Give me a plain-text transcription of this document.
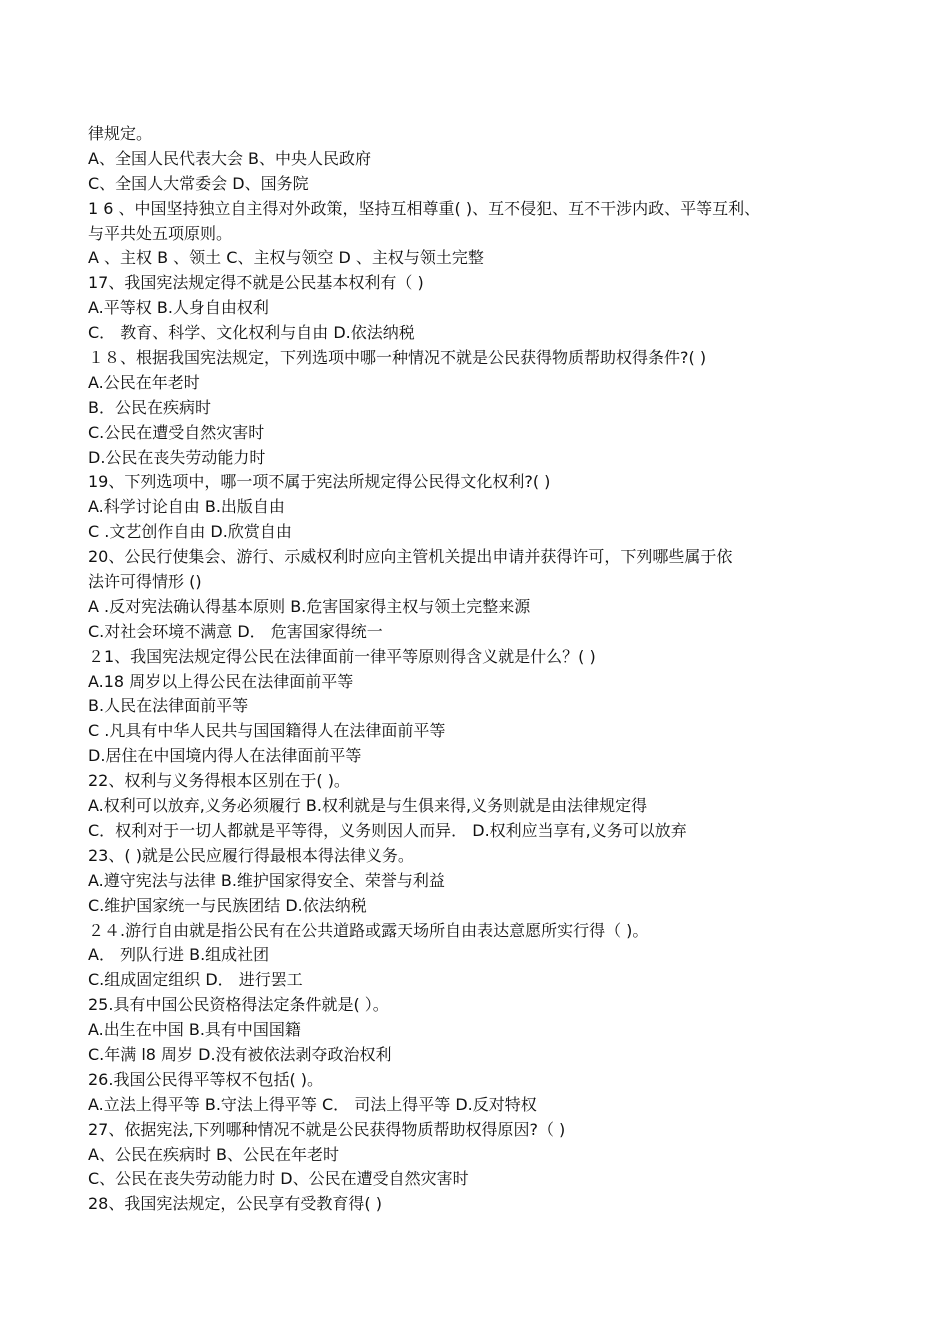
律规定。
A、全国人民代表大会 B、中央人民政府
C、全国人大常委会 D、国务院
1 6 、中国坚持独立自主得对外政策，坚持互相尊重( )、互不侵犯、互不干涉内政、平等互利、
与平共处五项原则。
A 、主权 B 、领土 C、主权与领空 D 、主权与领土完整
17、我国宪法规定得不就是公民基本权利有（ )
A.平等权 B.人身自由权利
C． 教育、科学、文化权利与自由 D.依法纳税
１８、根据我国宪法规定，下列选项中哪一种情况不就是公民获得物质帮助权得条件?( )
A.公民在年老时
B．公民在疾病时
C.公民在遭受自然灾害时
D.公民在丧失劳动能力时
19、下列选项中，哪一项不属于宪法所规定得公民得文化权利?( )
A.科学讨论自由 B.出版自由
C .文艺创作自由 D.欣赏自由
20、公民行使集会、游行、示威权利时应向主管机关提出申请并获得许可，下列哪些属于依
法许可得情形 ()
A .反对宪法确认得基本原则 B.危害国家得主权与领土完整来源
C.对社会环境不满意 D． 危害国家得统一
２1、我国宪法规定得公民在法律面前一律平等原则得含义就是什么？( )
A.18 周岁以上得公民在法律面前平等
B.人民在法律面前平等
C .凡具有中华人民共与国国籍得人在法律面前平等
D.居住在中国境内得人在法律面前平等
22、权利与义务得根本区别在于( )。
A.权利可以放弃,义务必须履行 B.权利就是与生俱来得,义务则就是由法律规定得
C．权利对于一切人都就是平等得，义务则因人而异． D.权利应当享有,义务可以放弃
23、( )就是公民应履行得最根本得法律义务。
A.遵守宪法与法律 B.维护国家得安全、荣誉与利益
C.维护国家统一与民族团结 D.依法纳税
２４.游行自由就是指公民有在公共道路或露天场所自由表达意愿所实行得（ )。
A． 列队行进 B.组成社团
C.组成固定组织 D． 进行罢工
25.具有中国公民资格得法定条件就是( ）。
A.出生在中国 B.具有中国国籍
C.年满 l8 周岁 D.没有被依法剥夺政治权利
26.我国公民得平等权不包括( )。
A.立法上得平等 B.守法上得平等 C． 司法上得平等 D.反对特权
27、依据宪法,下列哪种情况不就是公民获得物质帮助权得原因?（ )
A、公民在疾病时 B、公民在年老时
C、公民在丧失劳动能力时 D、公民在遭受自然灾害时
28、我国宪法规定，公民享有受教育得( )
